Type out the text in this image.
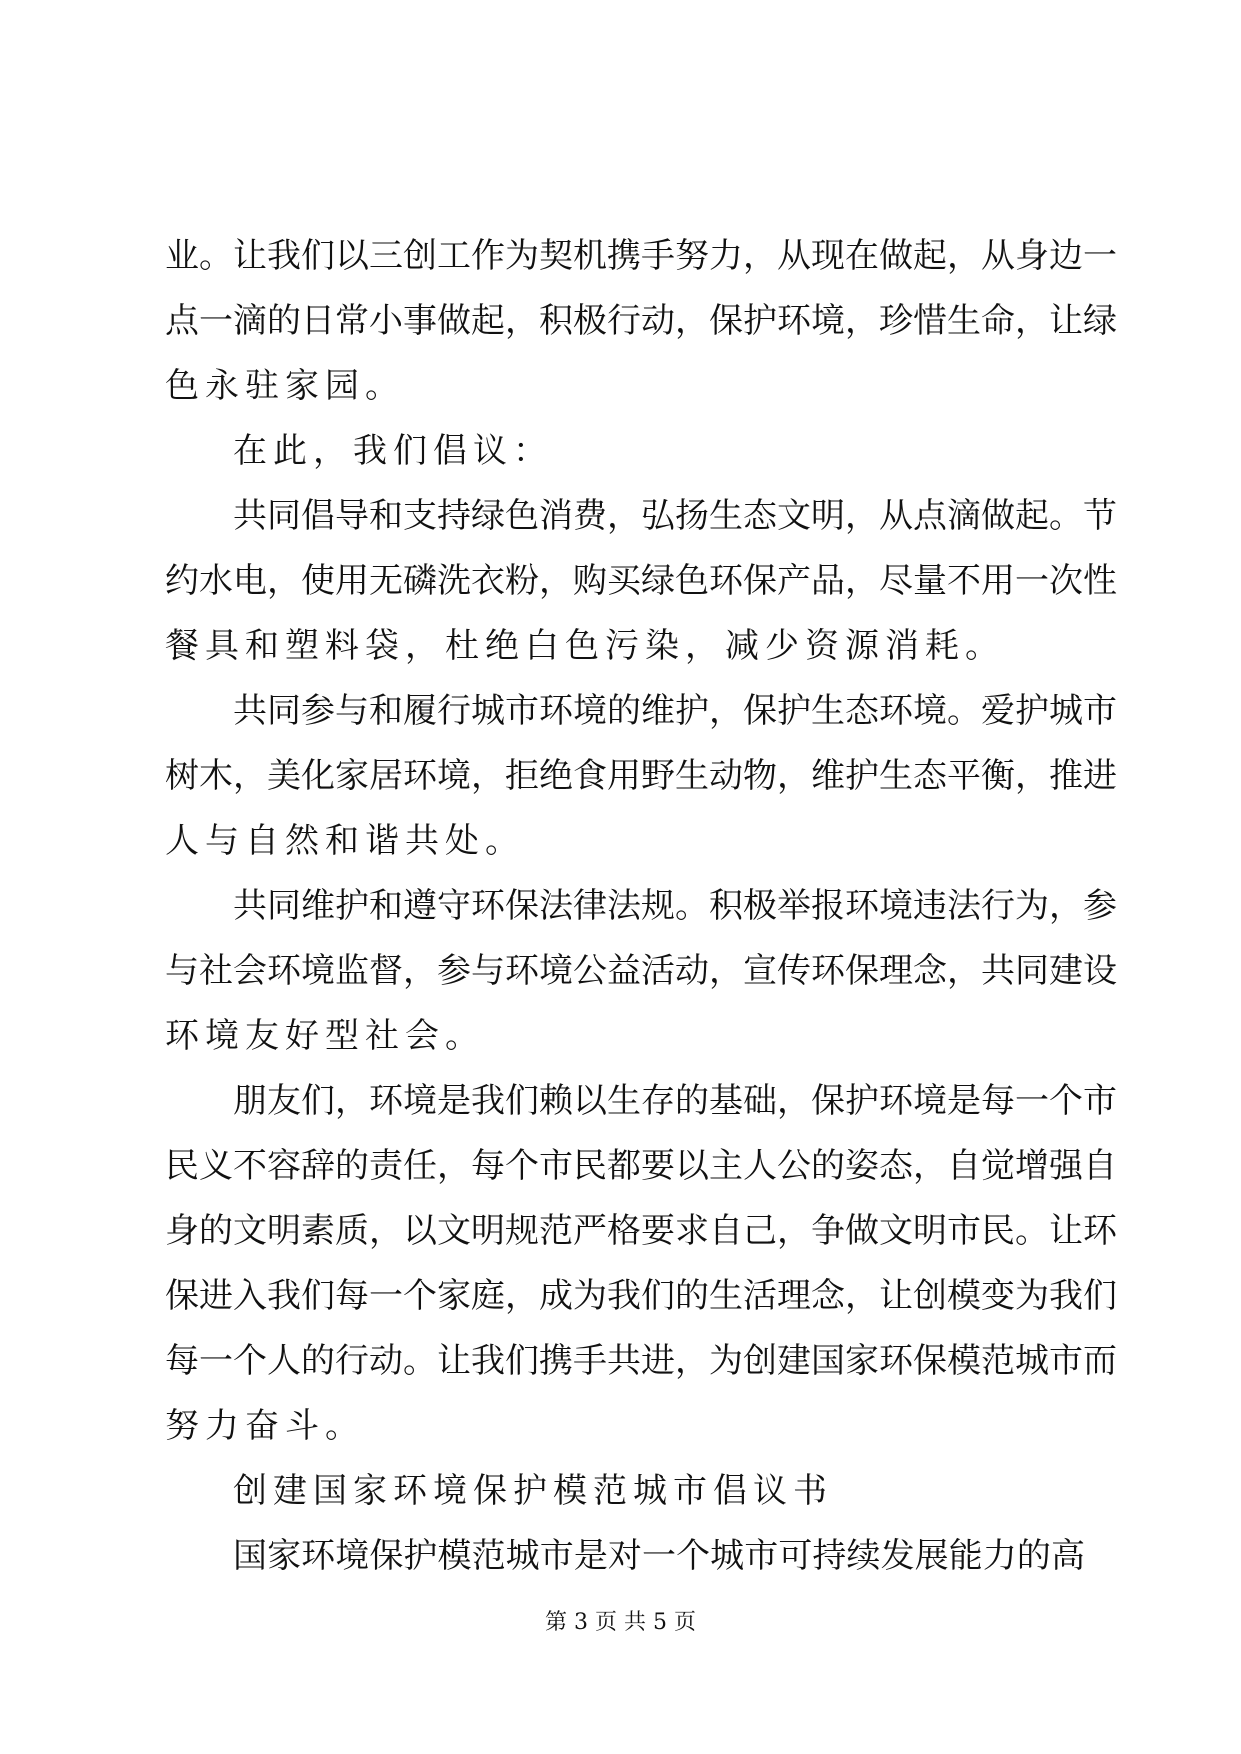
业。让我们以三创工作为契机携手努力，从现在做起，从身边一
点一滴的日常小事做起，积极行动，保护环境，珍惜生命，让绿
色永驻家园。
在此，我们倡议：
共同倡导和支持绿色消费，弘扬生态文明，从点滴做起。节
约水电，使用无磷洗衣粉，购买绿色环保产品，尽量不用一次性
餐具和塑料袋，杜绝白色污染，减少资源消耗。
共同参与和履行城市环境的维护，保护生态环境。爱护城市
树木，美化家居环境，拒绝食用野生动物，维护生态平衡，推进
人与自然和谐共处。
共同维护和遵守环保法律法规。积极举报环境违法行为，参
与社会环境监督，参与环境公益活动，宣传环保理念，共同建设
环境友好型社会。
朋友们，环境是我们赖以生存的基础，保护环境是每一个市
民义不容辞的责任，每个市民都要以主人公的姿态，自觉增强自
身的文明素质，以文明规范严格要求自己，争做文明市民。让环
保进入我们每一个家庭，成为我们的生活理念，让创模变为我们
每一个人的行动。让我们携手共进，为创建国家环保模范城市而
努力奋斗。
创建国家环境保护模范城市倡议书
国家环境保护模范城市是对一个城市可持续发展能力的高
第 3 页 共 5 页
